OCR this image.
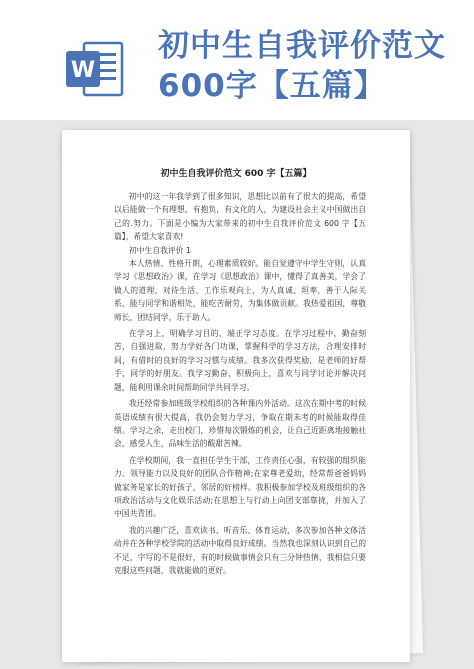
W
初中生自我评价范文600字【五篇】
初中生自我评价范文 600 字【五篇】

初中的这一年我学到了很多知识，思想比以前有了很大的提高，希望以后能做一个有理想，有抱负，有文化的人，为建设社会主义中国做出自己的.努力。下面是小编为大家带来的初中生自我评价范文 600 字【五篇】，希望大家喜欢!

初中生自我评价 1

本人热情、性格开朗，心理素质较好。能自觉遵守中学生守则，认真学习《思想政治》课，在学习《思想政治》课中，懂得了真善美，学会了做人的道理，对待生活、工作乐观向上，为人真诚、坦率，善于人际关系，能与同学和谐相处，能吃苦耐劳，为集体做贡献。我热爱祖国，尊敬师长，团结同学，乐于助人。

在学习上，明确学习目的、端正学习态度。在学习过程中，勤奋刻苦，自强进取，努力学好各门功课，掌握科学的学习方法，合理安排时间，有借时的良好的学习习惯与成绩。我多次获得奖励，是老师的好帮手，同学的好朋友。我学习勤奋，积极向上，喜欢与同学讨论并解决问题，能利用课余时间帮助同学共同学习。

我还经常参加班级学校组织的各种课内外活动。这次在期中考的时候英语成绩有很大提高，我仍会努力学习，争取在期末考的时候能取得佳绩。学习之余，走出校门，珍惜每次锻炼的机会，让自己近距离地接触社会，感受人生，品味生活的酸甜苦辣。

在学校期间，我一直担任学生干部，工作责任心强，有较强的组织能力、领导能力以及良好的团队合作精神;在家尊老爱幼，经常帮爸爸妈妈做家务是家长的好孩子，邻居的好榜样。我积极参加学校及班级组织的各项政治活动与文化娱乐活动;在思想上与行动上向团支部靠拢，并加入了中国共青团。

我的兴趣广泛，喜欢读书、听音乐、体育运动，多次参加各种文体活动并在各种学校学院的活动中取得良好成绩。当然我也深刻认识到自己的不足，字写的不是很好，有的时候做事情会只有三分钟热情，我相信只要克服这些问题，我就能做的更好。
